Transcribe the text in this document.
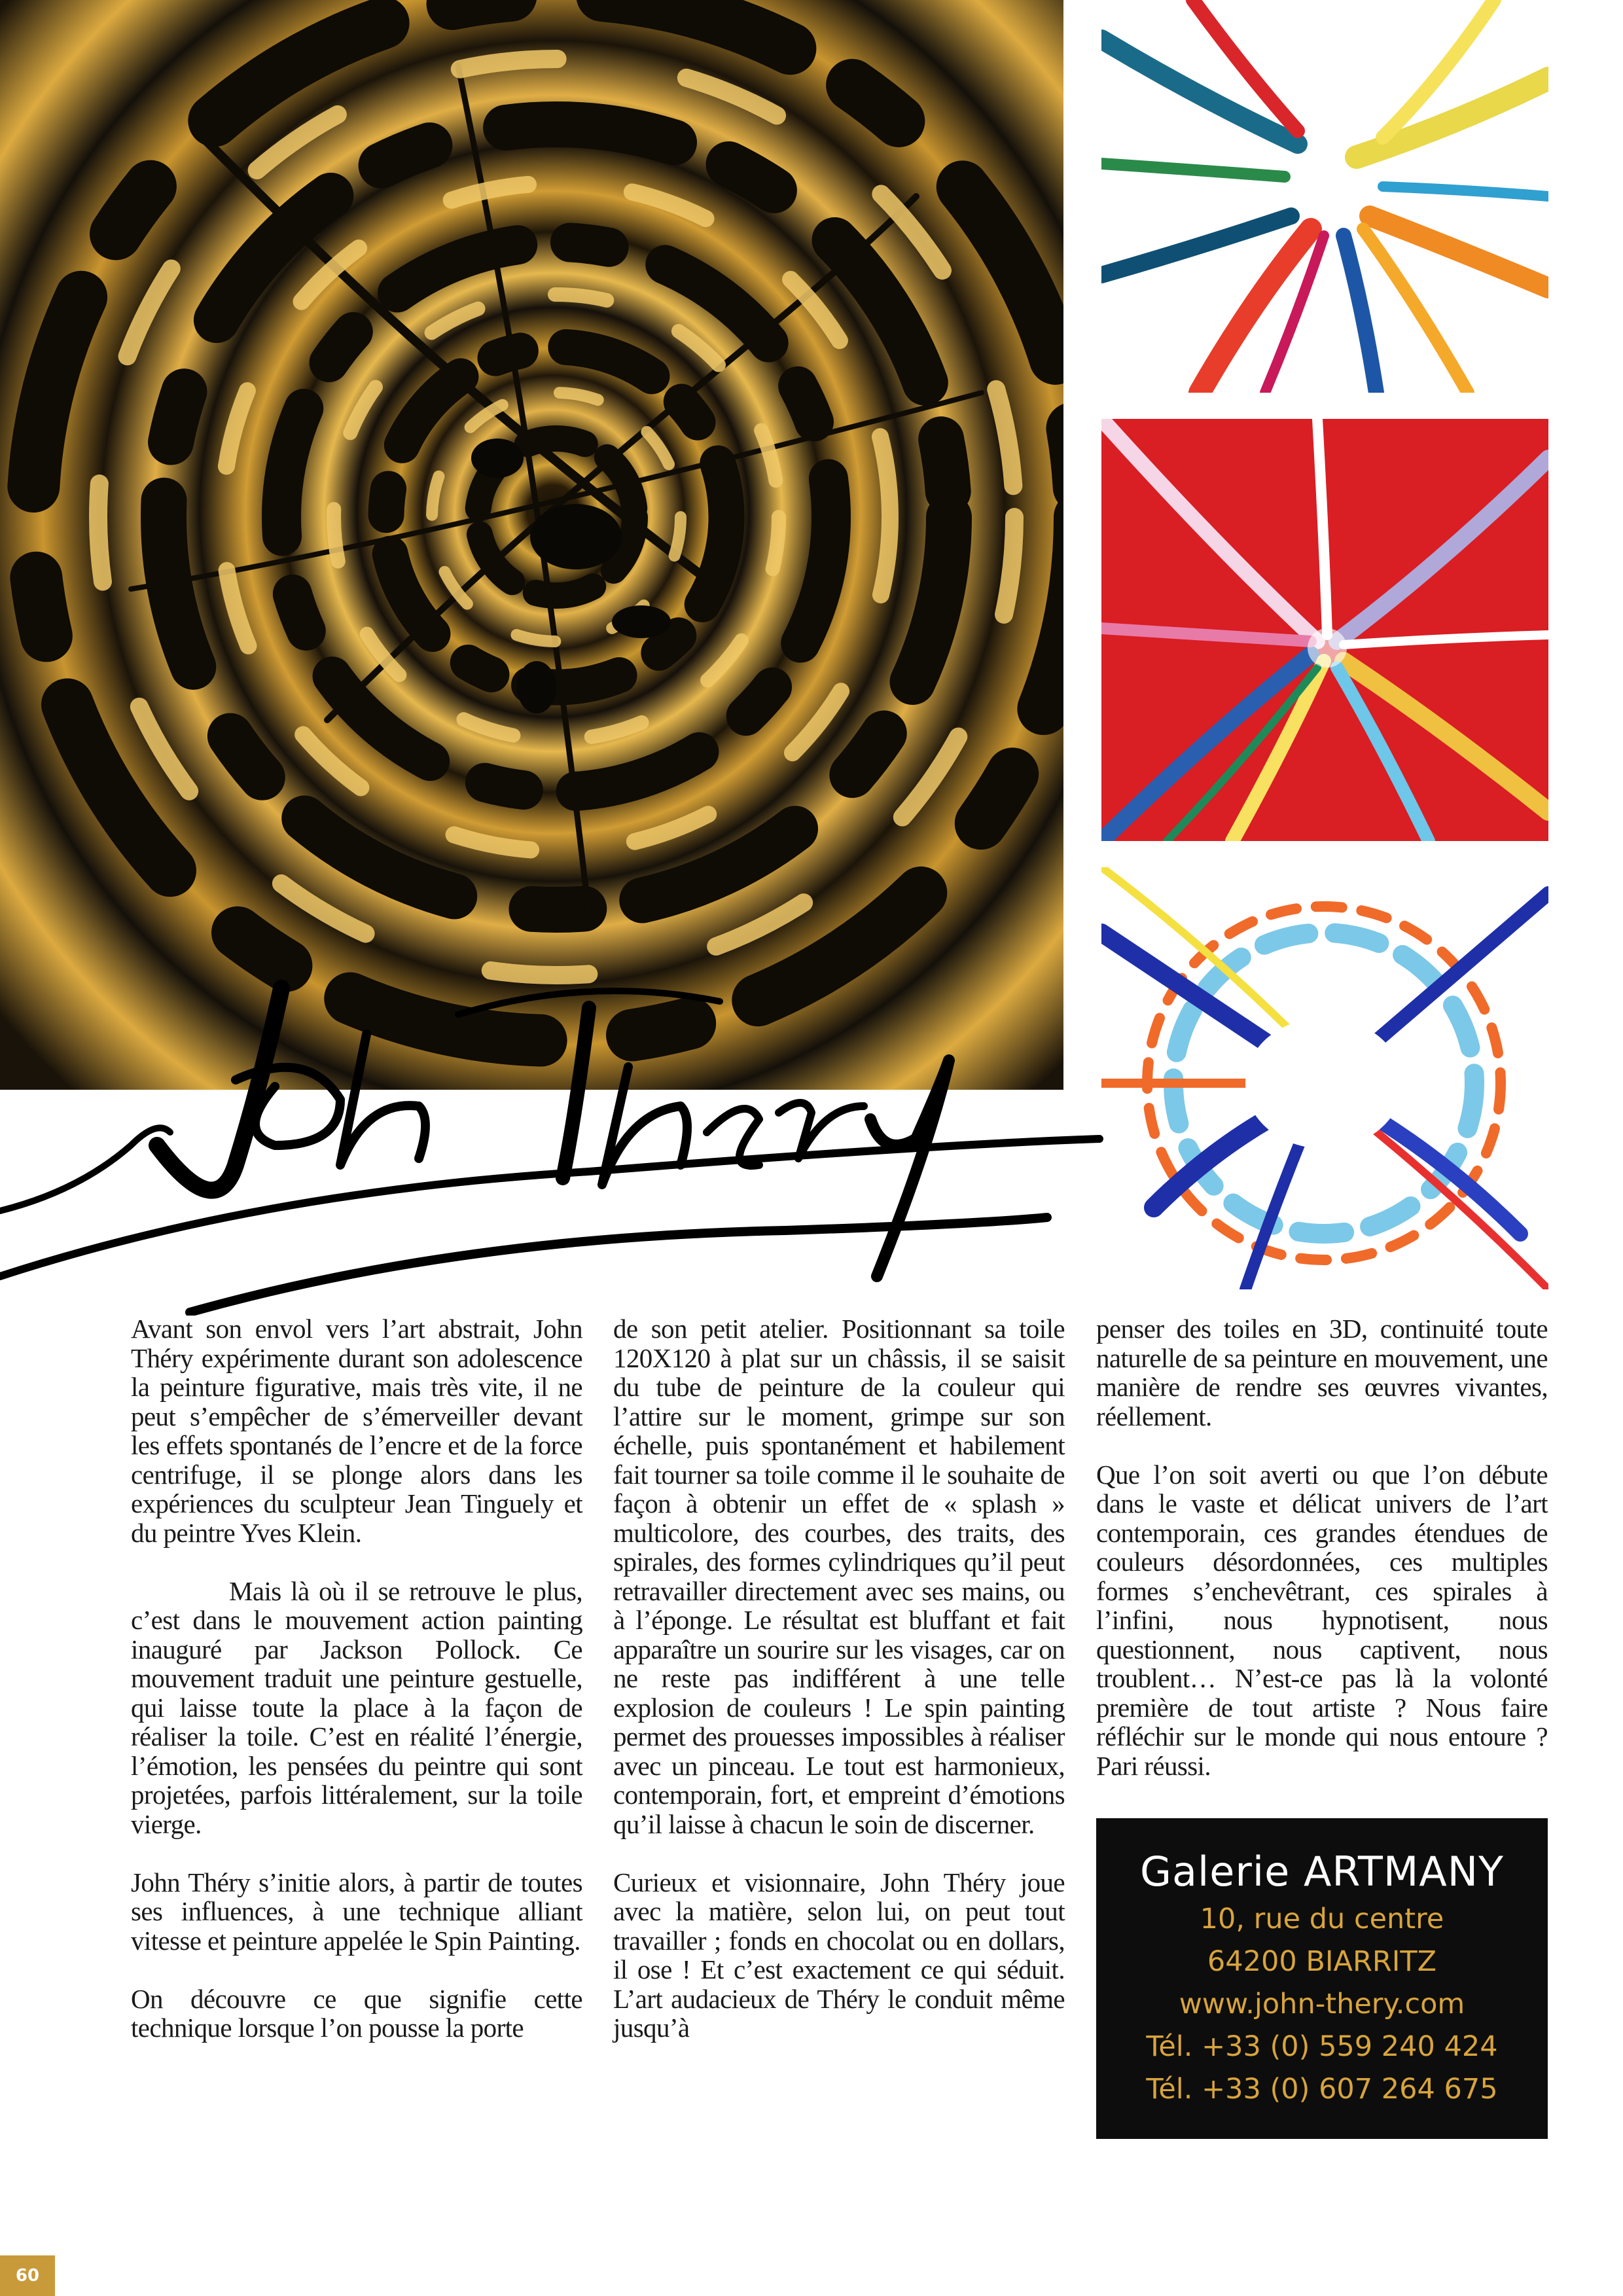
Avant son envol vers l’art abstrait, John Théry expérimente durant son adolescence la peinture figurative, mais très vite, il ne peut s’empêcher de s’émerveiller devant les effets spontanés de l’encre et de la force centrifuge, il se plonge alors dans les expériences du sculpteur Jean Tinguely et du peintre Yves Klein.

Mais là où il se retrouve le plus, c’est dans le mouvement action painting inauguré par Jackson Pollock. Ce mouvement traduit une peinture gestuelle, qui laisse toute la place à la façon de réaliser la toile. C’est en réalité l’énergie, l’émotion, les pensées du peintre qui sont projetées, parfois littéralement, sur la toile vierge.

John Théry s’initie alors, à partir de toutes ses influences, à une technique alliant vitesse et peinture appelée le Spin Painting.

On découvre ce que signifie cette technique lorsque l’on pousse la porte

de son petit atelier. Positionnant sa toile 120X120 à plat sur un châssis, il se saisit du tube de peinture de la couleur qui l’attire sur le moment, grimpe sur son échelle, puis spontanément et habilement fait tourner sa toile comme il le souhaite de façon à obtenir un effet de « splash » multicolore, des courbes, des traits, des spirales, des formes cylindriques qu’il peut retravailler directement avec ses mains, ou à l’éponge. Le résultat est bluffant et fait apparaître un sourire sur les visages, car on ne reste pas indifférent à une telle explosion de couleurs ! Le spin painting permet des prouesses impossibles à réaliser avec un pinceau. Le tout est harmonieux, contemporain, fort, et empreint d’émotions qu’il laisse à chacun le soin de discerner.

Curieux et visionnaire, John Théry joue avec la matière, selon lui, on peut tout travailler ; fonds en chocolat ou en dollars, il ose ! Et c’est exactement ce qui séduit. L’art audacieux de Théry le conduit même jusqu’à

penser des toiles en 3D, continuité toute naturelle de sa peinture en mouvement, une manière de rendre ses œuvres vivantes, réellement.

Que l’on soit averti ou que l’on débute dans le vaste et délicat univers de l’art contemporain, ces grandes étendues de couleurs désordonnées, ces multiples formes s’enchevêtrant, ces spirales à l’infini, nous hypnotisent, nous questionnent, nous captivent, nous troublent… N’est-ce pas là la volonté première de tout artiste ? Nous faire réfléchir sur le monde qui nous entoure ? Pari réussi.

Galerie ARTMANY
10, rue du centre
64200 BIARRITZ
www.john-thery.com
Tél. +33 (0) 559 240 424
Tél. +33 (0) 607 264 675
60
